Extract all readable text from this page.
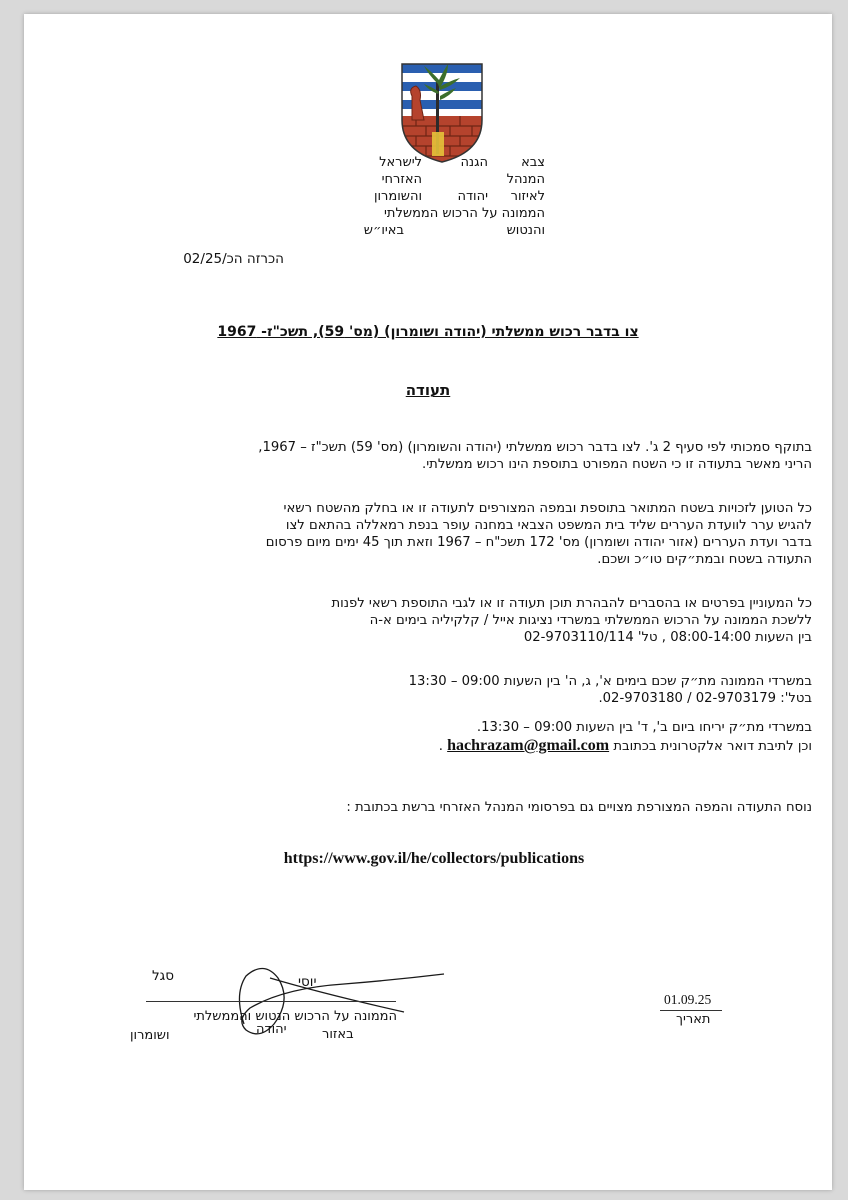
צבא
המנהל
לאיזור
הממונה על הרכוש הממשלתי
והנטוש
הגנה
יהודה
לישראל
האזרחי
והשומרון
באיו״ש
הכרזה הכ/02/25
צו בדבר רכוש ממשלתי (יהודה ושומרון) (מס' 59), תשכ"ז- 1967
תעודה
בתוקף סמכותי לפי סעיף 2 ג'. לצו בדבר רכוש ממשלתי (יהודה והשומרון) (מס' 59) תשכ"ז – 1967,
הריני מאשר בתעודה זו כי השטח המפורט בתוספת הינו רכוש ממשלתי.
כל הטוען לזכויות בשטח המתואר בתוספת ובמפה המצורפים לתעודה זו או בחלק מהשטח רשאי
להגיש ערר לוועדת העררים שליד בית המשפט הצבאי במחנה עופר בנפת רמאללה בהתאם לצו
בדבר ועדת העררים (אזור יהודה ושומרון) מס' 172 תשכ"ח – 1967 וזאת תוך 45 ימים מיום פרסום
התעודה בשטח ובמת״קים טו״כ ושכם.
כל המעוניין בפרטים או בהסברים להבהרת תוכן תעודה זו או לגבי התוספת רשאי לפנות
ללשכת הממונה על הרכוש הממשלתי במשרדי נציגות אייל / קלקיליה בימים א-ה
בין השעות 08:00-14:00 , טל' 02-9703110/114
במשרדי הממונה מת״ק שכם בימים א', ג, ה' בין השעות 09:00 – 13:30
בטל': 02-9703179 / 02-9703180.
במשרדי מת״ק יריחו ביום ב', ד' בין השעות 09:00 – 13:30.
וכן לתיבת דואר אלקטרונית בכתובת hachrazam@gmail.com .
נוסח התעודה והמפה המצורפת מצויים גם בפרסומי המנהל האזרחי ברשת בכתובת :
https://www.gov.il/he/collectors/publications
יוסי
סגל
הממונה על הרכוש הנטוש והממשלתי
באזור
יהודה
ושומרון
01.09.25
תאריך
